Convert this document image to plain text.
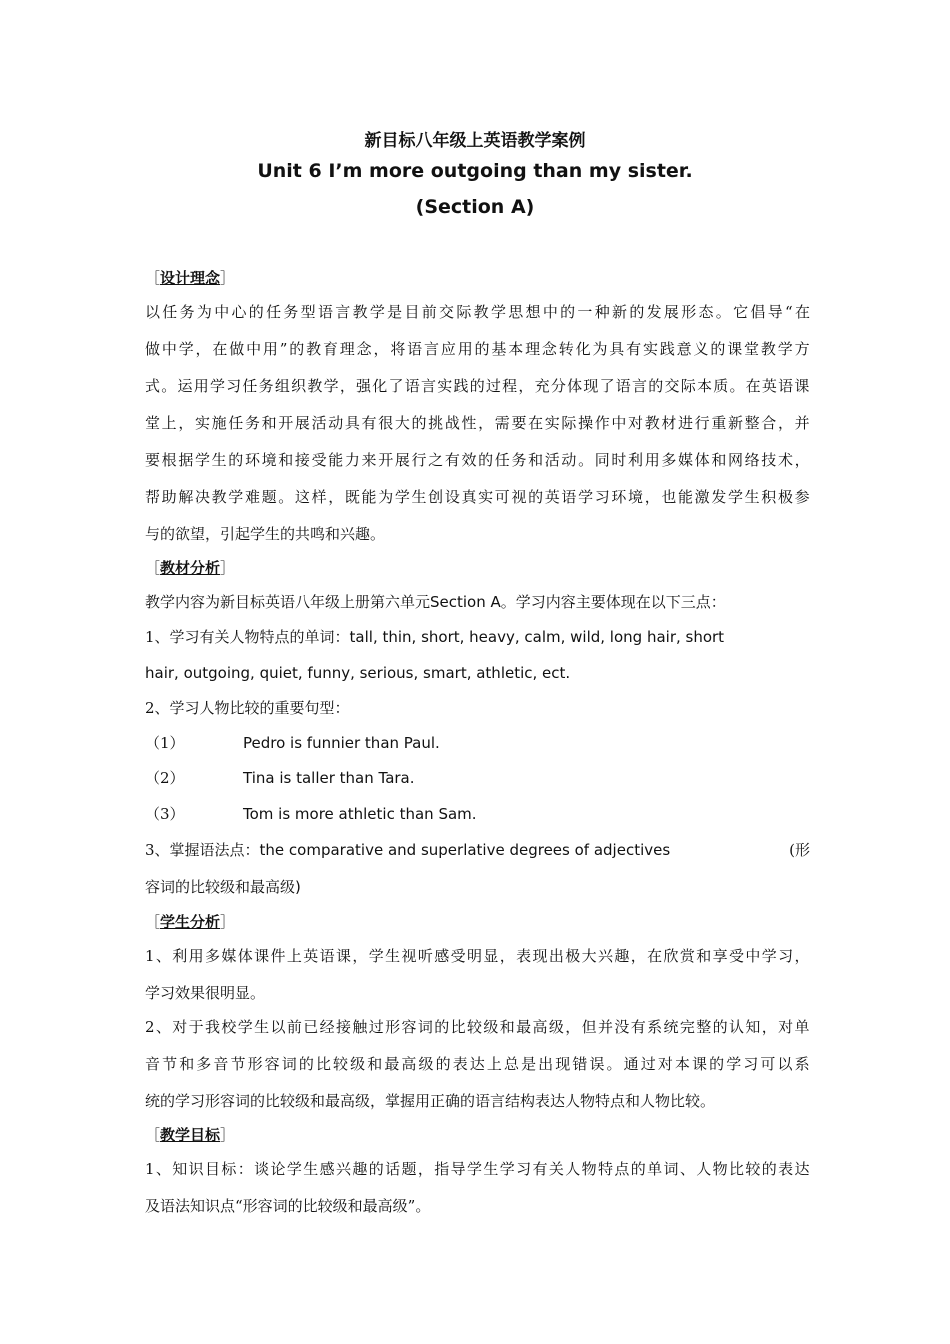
新目标八年级上英语教学案例
Unit 6 I’m more outgoing than my sister.
(Section A)
［设计理念］
以 任 务 为 中 心 的 任 务 型 语 言 教 学 是 目 前 交 际 教 学 思 想 中 的 一 种 新 的 发 展 形 态 。 它 倡 导 “ 在
做 中 学 ， 在 做 中 用 ” 的 教 育 理 念 ， 将 语 言 应 用 的 基 本 理 念 转 化 为 具 有 实 践 意 义 的 课 堂 教 学 方
式 。 运 用 学 习 任 务 组 织 教 学 ， 强 化 了 语 言 实 践 的 过 程 ， 充 分 体 现 了 语 言 的 交 际 本 质 。 在 英 语 课
堂 上 ， 实 施 任 务 和 开 展 活 动 具 有 很 大 的 挑 战 性 ， 需 要 在 实 际 操 作 中 对 教 材 进 行 重 新 整 合 ， 并
要 根 据 学 生 的 环 境 和 接 受 能 力 来 开 展 行 之 有 效 的 任 务 和 活 动 。 同 时 利 用 多 媒 体 和 网 络 技 术 ，
帮 助 解 决 教 学 难 题 。 这 样 ， 既 能 为 学 生 创 设 真 实 可 视 的 英 语 学 习 环 境 ， 也 能 激 发 学 生 积 极 参
与的欲望，引起学生的共鸣和兴趣。
［教材分析］
教学内容为新目标英语八年级上册第六单元Section A。学习内容主要体现在以下三点：
1、学习有关人物特点的单词：tall, thin, short, heavy, calm, wild, long hair, short
hair, outgoing, quiet, funny, serious, smart, athletic, ect.
2、学习人物比较的重要句型：
（1）	Pedro is funnier than Paul.
（2）	Tina is taller than Tara.
（3）	Tom is more athletic than Sam.
3、掌握语法点：the comparative and superlative degrees of adjectives	(形
容词的比较级和最高级)
［学生分析］
1 、 利 用 多 媒 体 课 件 上 英 语 课 ， 学 生 视 听 感 受 明 显 ， 表 现 出 极 大 兴 趣 ， 在 欣 赏 和 享 受 中 学 习 ，
学习效果很明显。
2 、 对 于 我 校 学 生 以 前 已 经 接 触 过 形 容 词 的 比 较 级 和 最 高 级 ， 但 并 没 有 系 统 完 整 的 认 知 ， 对 单
音 节 和 多 音 节 形 容 词 的 比 较 级 和 最 高 级 的 表 达 上 总 是 出 现 错 误 。 通 过 对 本 课 的 学 习 可 以 系
统的学习形容词的比较级和最高级，掌握用正确的语言结构表达人物特点和人物比较。
［教学目标］
1 、 知 识 目 标 ： 谈 论 学 生 感 兴 趣 的 话 题 ， 指 导 学 生 学 习 有 关 人 物 特 点 的 单 词 、 人 物 比 较 的 表 达
及语法知识点“形容词的比较级和最高级”。
